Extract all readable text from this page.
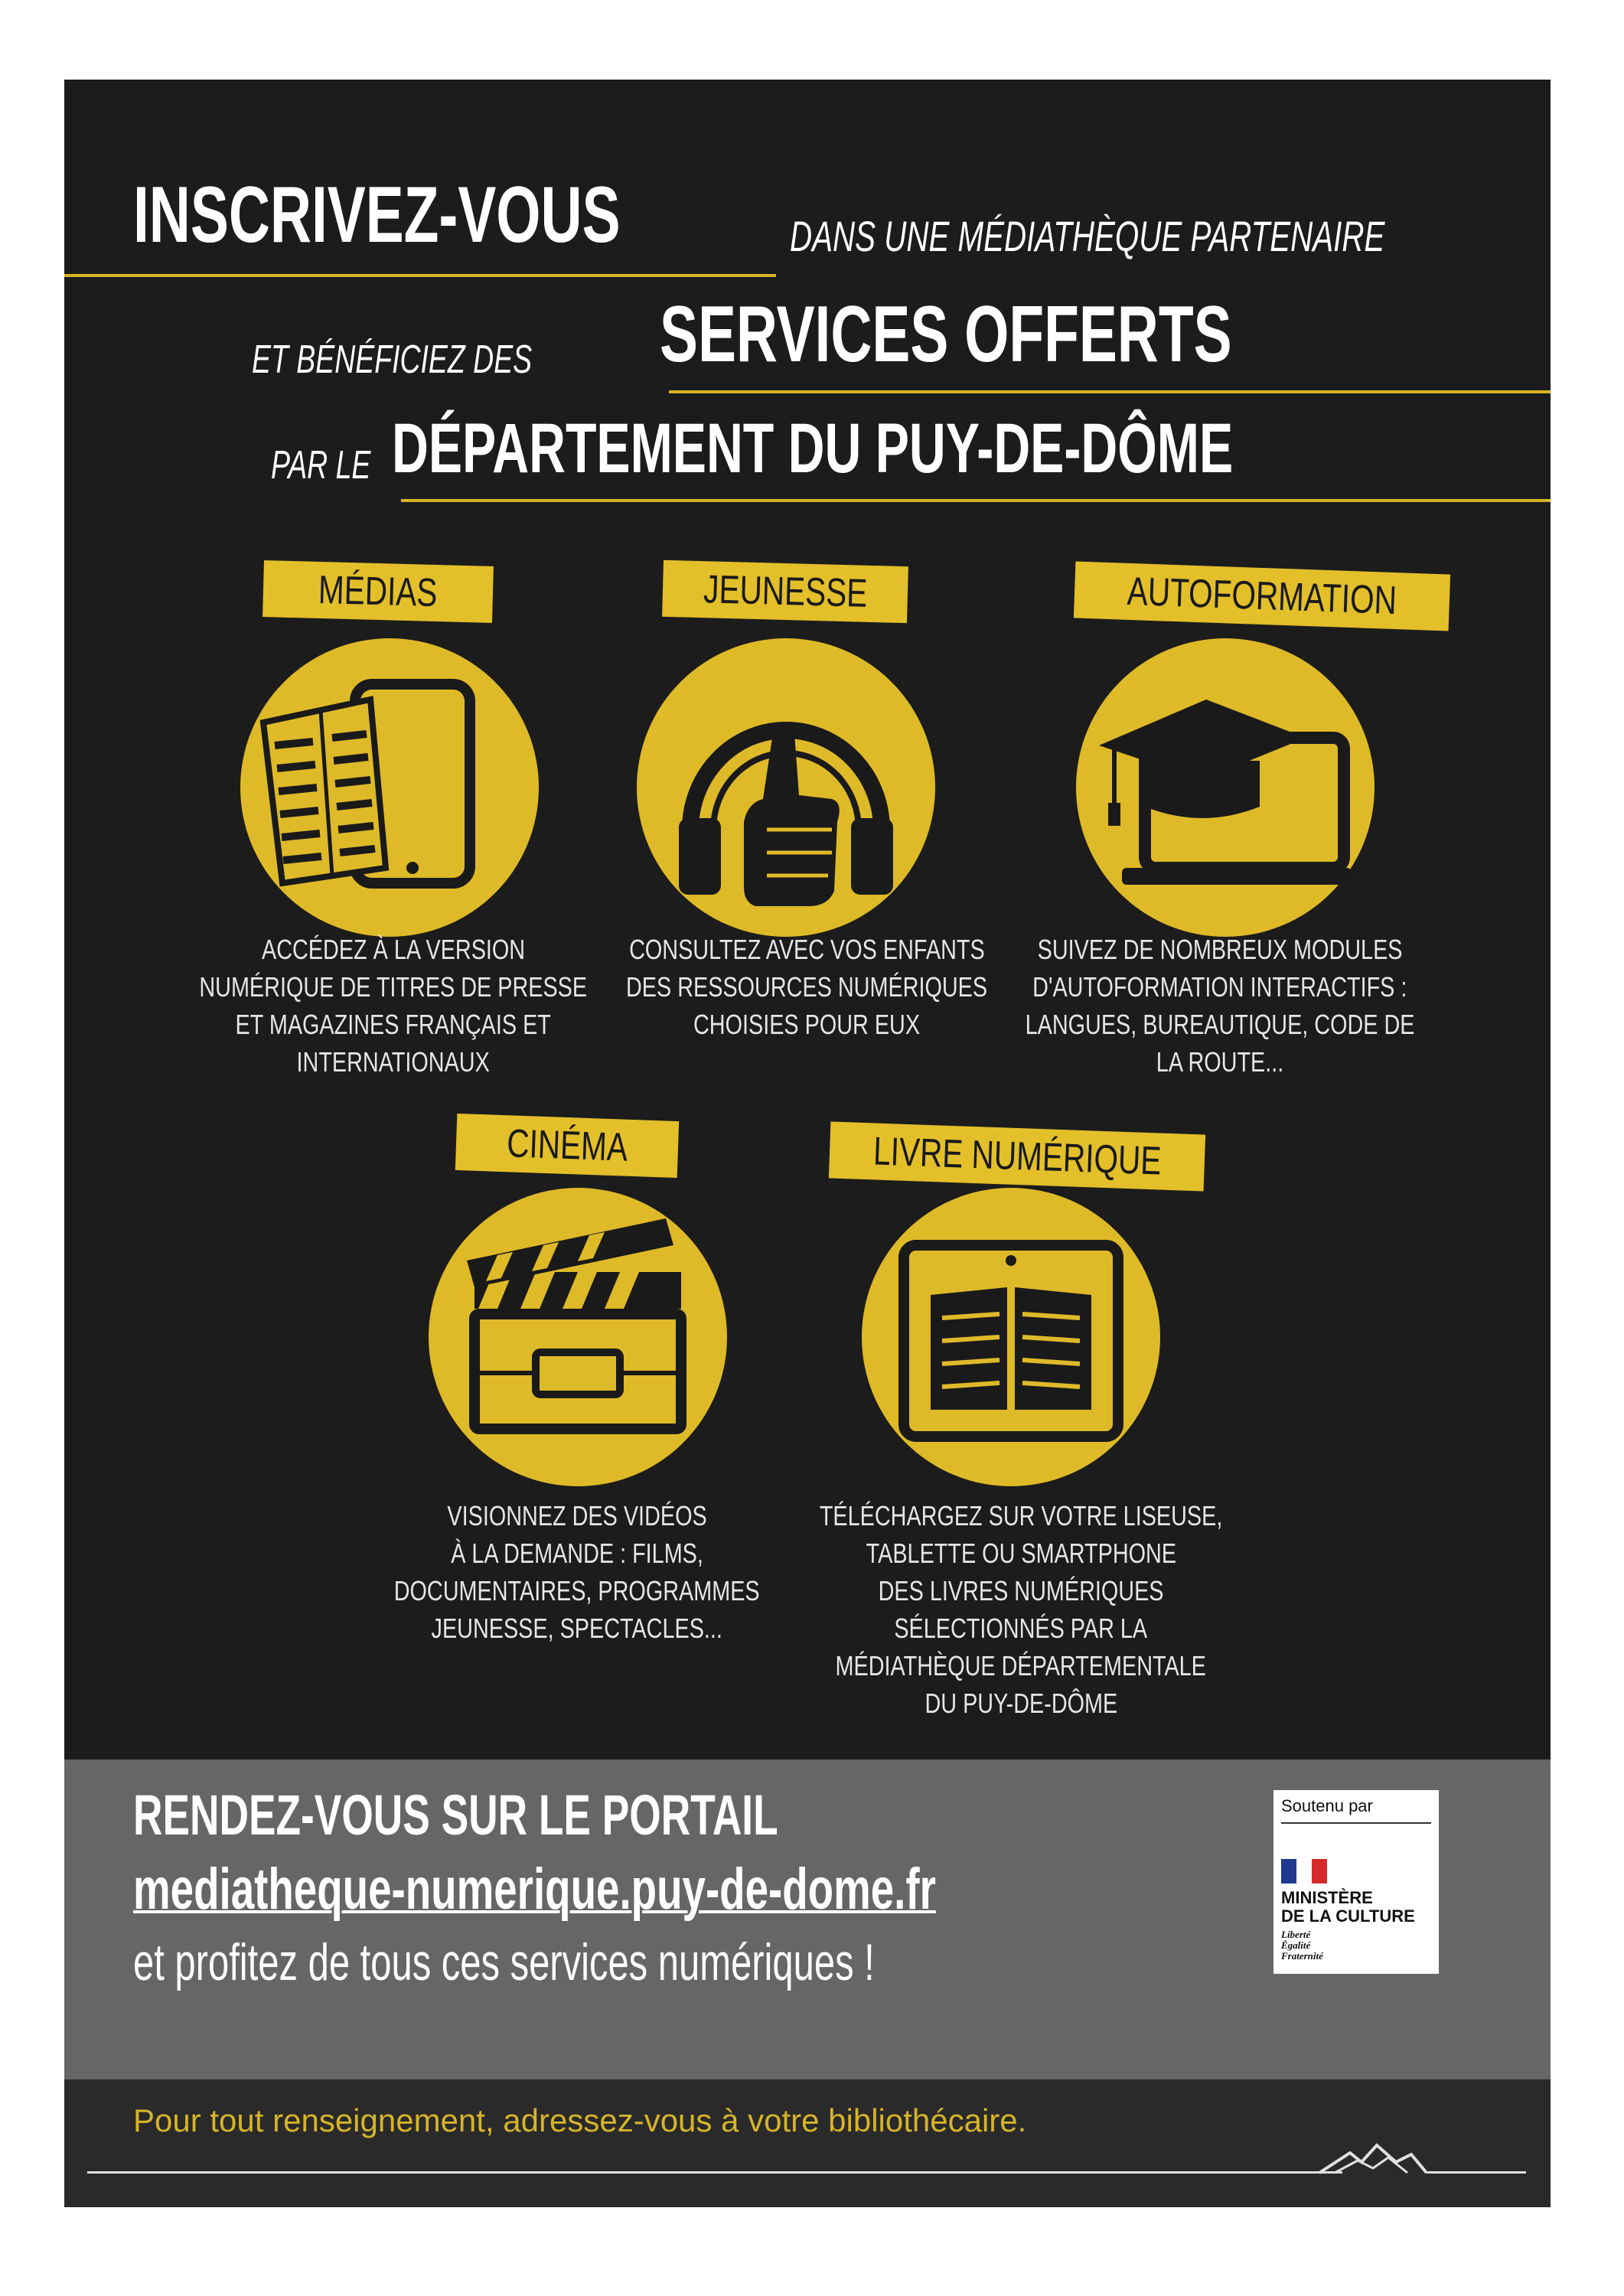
INSCRIVEZ-VOUS	DANS UNE MÉDIATHÈQUE PARTENAIRE
ET BÉNÉFICIEZ DES	SERVICES OFFERTS
PAR LE DÉPARTEMENT DU PUY-DE-DÔME
MÉDIAS
ACCÉDEZ À LA VERSION
NUMÉRIQUE DE TITRES DE PRESSE
ET MAGAZINES FRANÇAIS ET
INTERNATIONAUX
JEUNESSE
CONSULTEZ AVEC VOS ENFANTS
DES RESSOURCES NUMÉRIQUES
CHOISIES POUR EUX
AUTOFORMATION
SUIVEZ DE NOMBREUX MODULES
D'AUTOFORMATION INTERACTIFS :
LANGUES, BUREAUTIQUE, CODE DE
LA ROUTE...
CINÉMA
VISIONNEZ DES VIDÉOS
À LA DEMANDE : FILMS,
DOCUMENTAIRES, PROGRAMMES
JEUNESSE, SPECTACLES...
LIVRE NUMÉRIQUE
TÉLÉCHARGEZ SUR VOTRE LISEUSE,
TABLETTE OU SMARTPHONE
DES LIVRES NUMÉRIQUES
SÉLECTIONNÉS PAR LA
MÉDIATHÈQUE DÉPARTEMENTALE
DU PUY-DE-DÔME
RENDEZ-VOUS SUR LE PORTAIL
mediatheque-numerique.puy-de-dome.fr
et profitez de tous ces services numériques !
Soutenu par
MINISTÈRE
DE LA CULTURE
Liberté
Égalité
Fraternité
Pour tout renseignement, adressez-vous à votre bibliothécaire.
